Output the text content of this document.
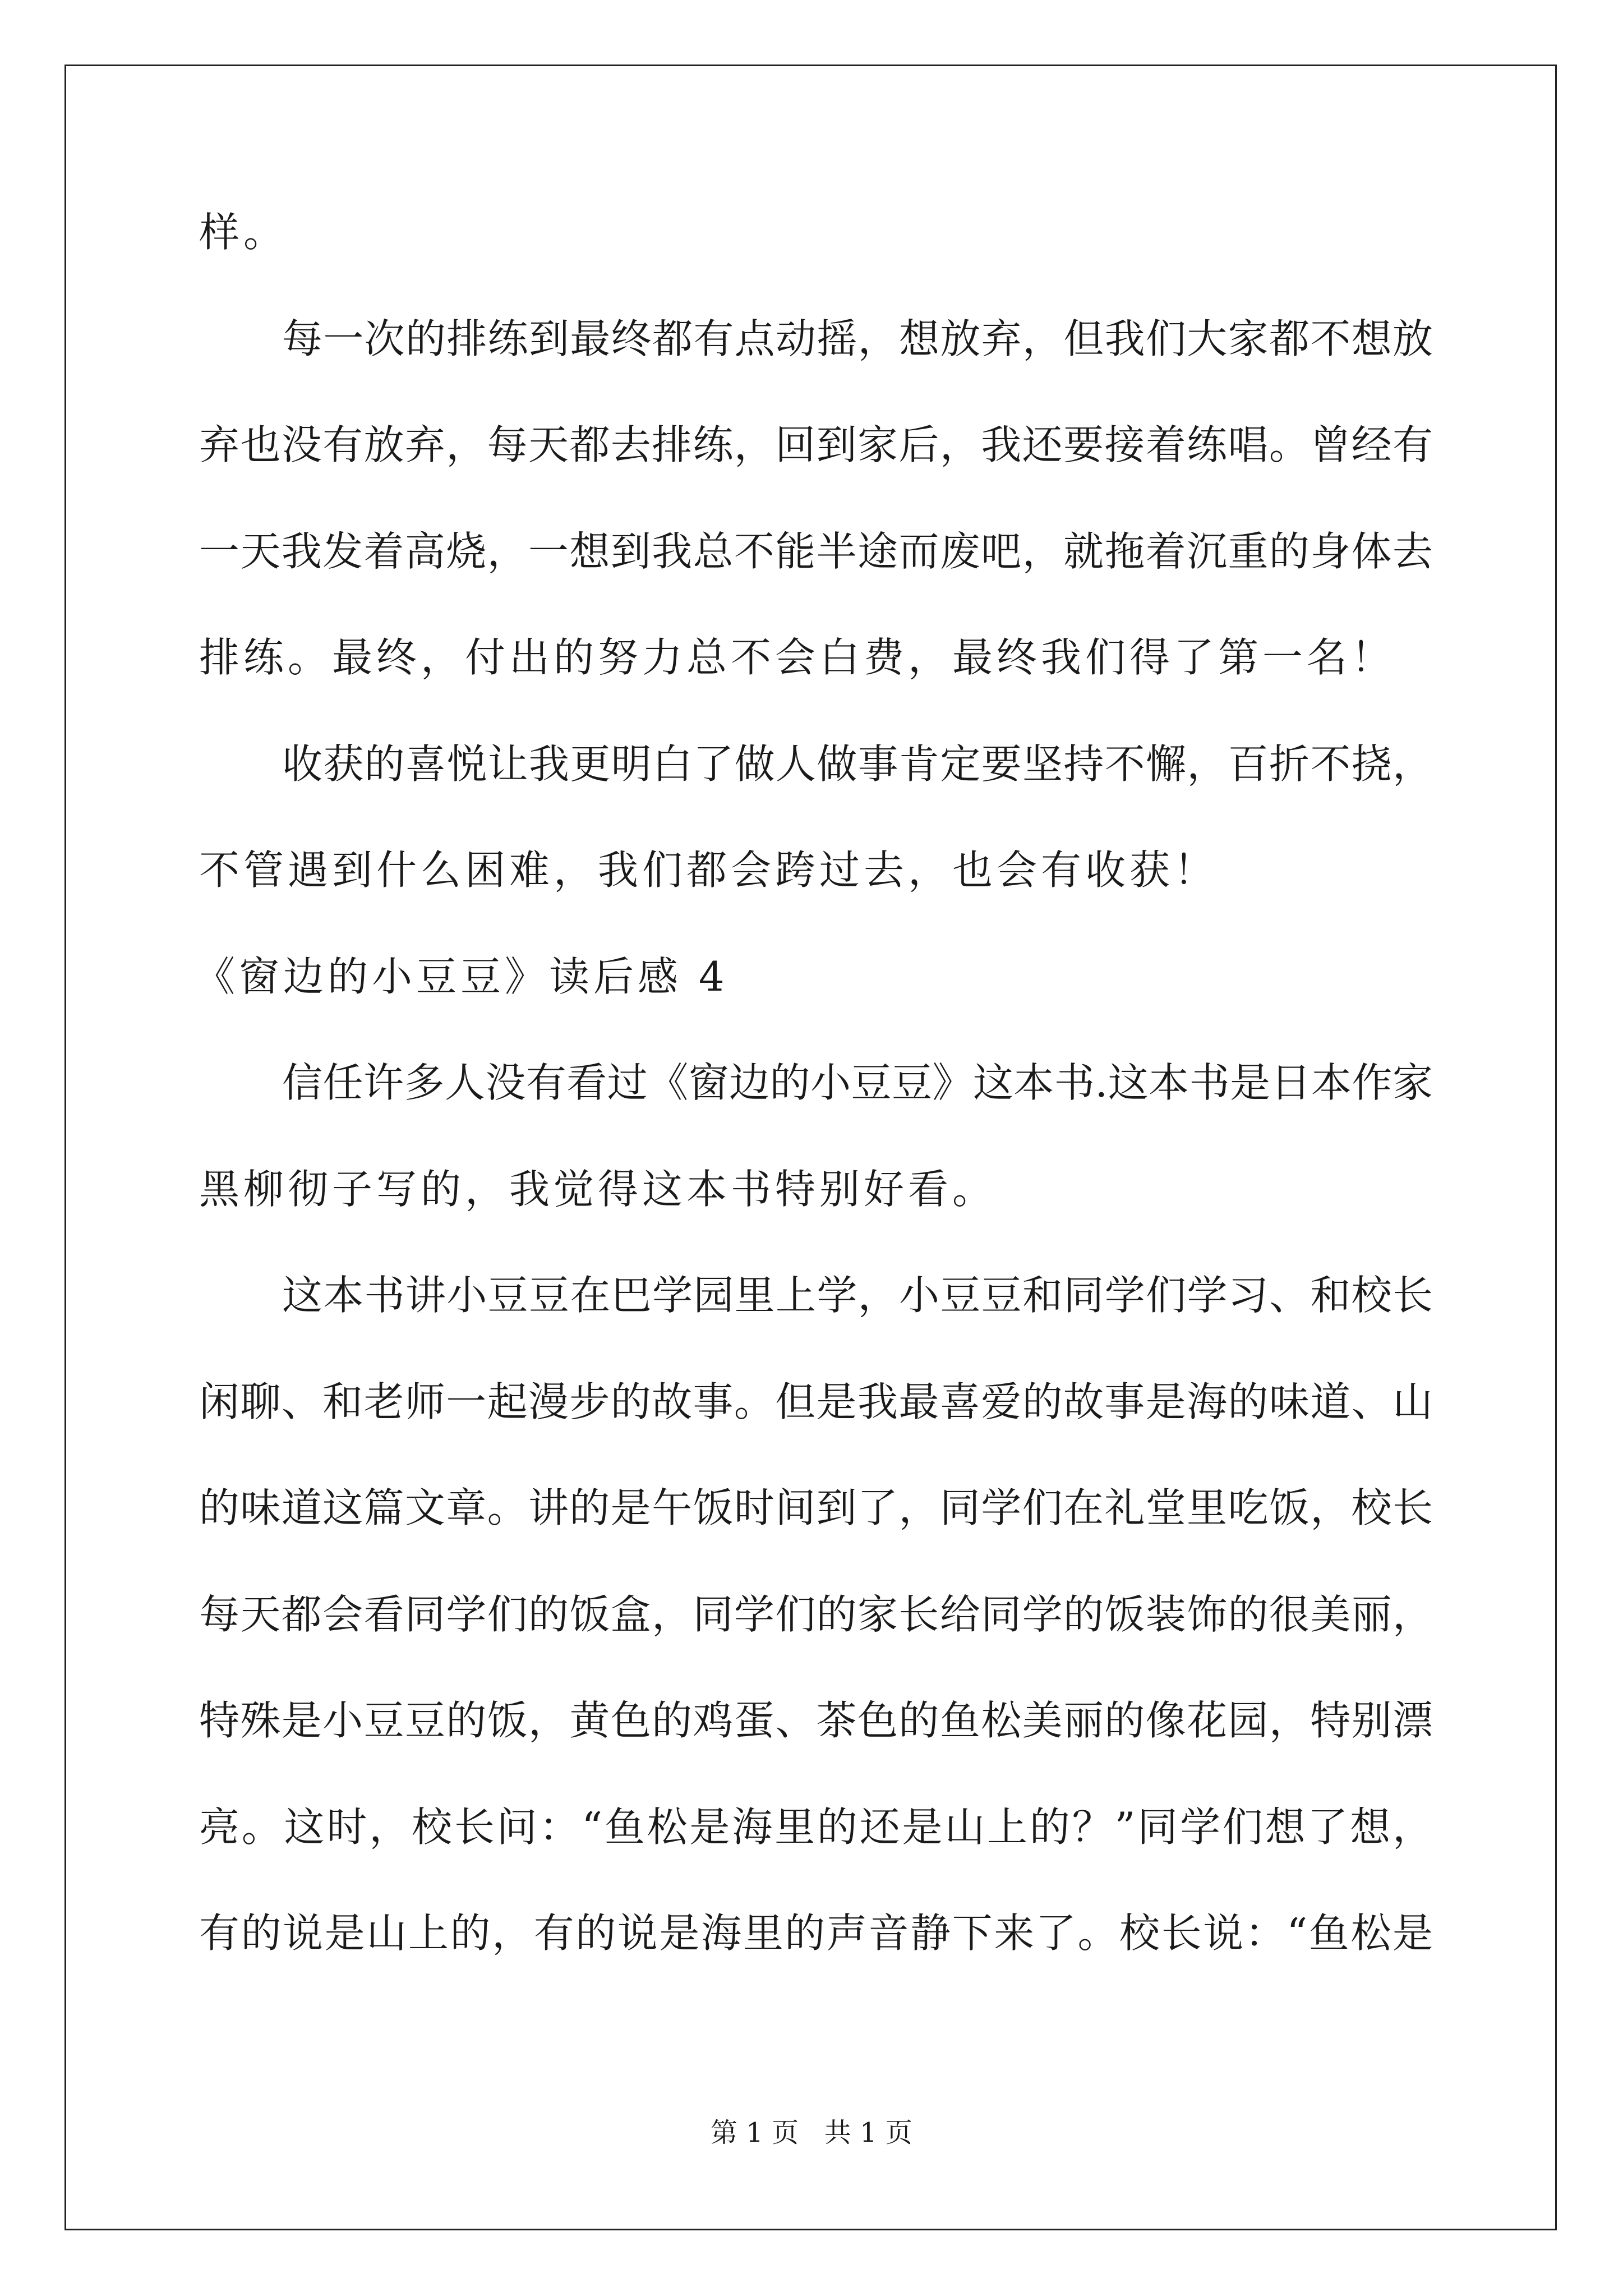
样。
每一次的排练到最终都有点动摇，想放弃，但我们大家都不想放
弃也没有放弃，每天都去排练，回到家后，我还要接着练唱。曾经有
一天我发着高烧，一想到我总不能半途而废吧，就拖着沉重的身体去
排练。最终，付出的努力总不会白费，最终我们得了第一名！
收获的喜悦让我更明白了做人做事肯定要坚持不懈，百折不挠，
不管遇到什么困难，我们都会跨过去，也会有收获！
《窗边的小豆豆》读后感 4
信任许多人没有看过《窗边的小豆豆》这本书.这本书是日本作家
黑柳彻子写的，我觉得这本书特别好看。
这本书讲小豆豆在巴学园里上学，小豆豆和同学们学习、和校长
闲聊、和老师一起漫步的故事。但是我最喜爱的故事是海的味道、山
的味道这篇文章。讲的是午饭时间到了，同学们在礼堂里吃饭，校长
每天都会看同学们的饭盒，同学们的家长给同学的饭装饰的很美丽，
特殊是小豆豆的饭，黄色的鸡蛋、茶色的鱼松美丽的像花园，特别漂
亮。这时，校长问：“鱼松是海里的还是山上的？”同学们想了想，
有的说是山上的，有的说是海里的声音静下来了。校长说：“鱼松是
第 1 页   共 1 页
